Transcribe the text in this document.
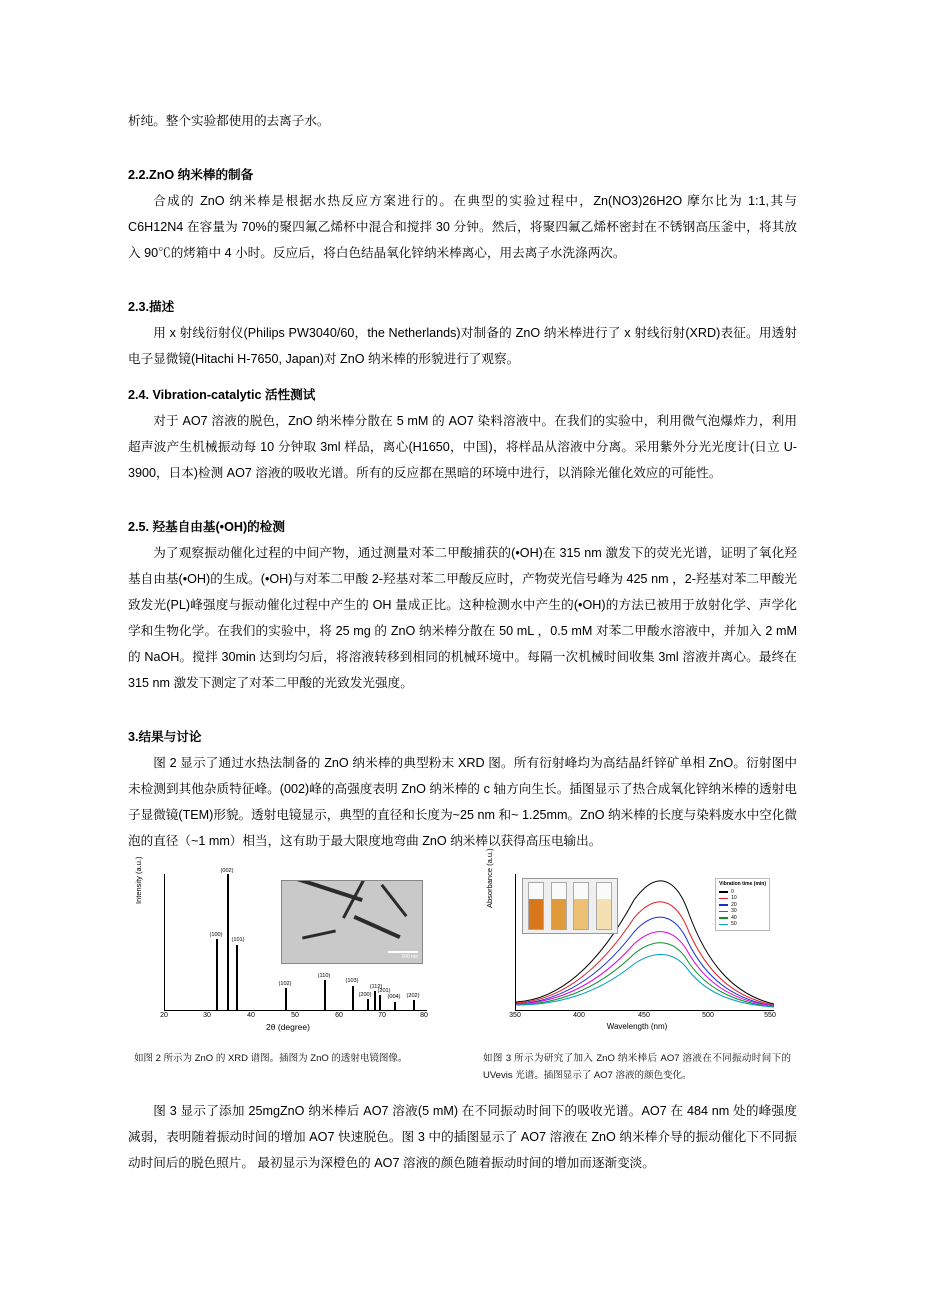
析纯。整个实验都使用的去离子水。

2.2.ZnO 纳米棒的制备

合成的 ZnO 纳米棒是根据水热反应方案进行的。在典型的实验过程中，Zn(NO3)26H2O 摩尔比为 1:1,其与 C6H12N4 在容量为 70%的聚四氟乙烯杯中混合和搅拌 30 分钟。然后，将聚四氟乙烯杯密封在不锈钢高压釜中，将其放入 90℃的烤箱中 4 小时。反应后，将白色结晶氧化锌纳米棒离心，用去离子水洗涤两次。

2.3.描述

用 x 射线衍射仪(Philips PW3040/60，the Netherlands)对制备的 ZnO 纳米棒进行了 x 射线衍射(XRD)表征。用透射电子显微镜(Hitachi H-7650, Japan)对 ZnO 纳米棒的形貌进行了观察。

2.4. Vibration-catalytic 活性测试

对于 AO7 溶液的脱色，ZnO 纳米棒分散在 5 mM 的 AO7 染料溶液中。在我们的实验中，利用微气泡爆炸力，利用超声波产生机械振动每 10 分钟取 3ml 样品，离心(H1650，中国)，将样品从溶液中分离。采用紫外分光光度计(日立 U-3900，日本)检测 AO7 溶液的吸收光谱。所有的反应都在黑暗的环境中进行，以消除光催化效应的可能性。

2.5. 羟基自由基(•OH)的检测

为了观察振动催化过程的中间产物，通过测量对苯二甲酸捕获的(•OH)在 315 nm 激发下的荧光光谱，证明了氧化羟基自由基(•OH)的生成。(•OH)与对苯二甲酸 2-羟基对苯二甲酸反应时，产物荧光信号峰为 425 nm ，2-羟基对苯二甲酸光致发光(PL)峰强度与振动催化过程中产生的 OH 量成正比。这种检测水中产生的(•OH)的方法已被用于放射化学、声学化学和生物化学。在我们的实验中，将 25 mg 的 ZnO 纳米棒分散在 50 mL ，0.5 mM 对苯二甲酸水溶液中，并加入 2 mM 的 NaOH。搅拌 30min 达到均匀后，将溶液转移到相同的机械环境中。每隔一次机械时间收集 3ml 溶液并离心。最终在 315 nm 激发下测定了对苯二甲酸的光致发光强度。

3.结果与讨论

图 2 显示了通过水热法制备的 ZnO 纳米棒的典型粉末 XRD 图。所有衍射峰均为高结晶纤锌矿单相 ZnO。衍射图中未检测到其他杂质特征峰。(002)峰的高强度表明 ZnO 纳米棒的 c 轴方向生长。插图显示了热合成氧化锌纳米棒的透射电子显微镜(TEM)形貌。透射电镜显示，典型的直径和长度为~25 nm 和~ 1.25mm。ZnO 纳米棒的长度与染料废水中空化微泡的直径（~1 mm）相当，这有助于最大限度地弯曲 ZnO 纳米棒以获得高压电输出。

Intensity (a.u.)
200 nm
(100)
(002)
(101)
(102)
(110)
(103)
(200)
(112)
(201)
(004) (202)
20	30	40	50	60	70	80
2θ (degree)
如图 2 所示为 ZnO 的 XRD 谱图。插图为 ZnO 的透射电镜图像。
Absorbance (a.u.)	Vibration time (min)
0
10
20
30
40
50
350	400	450	500	550
Wavelength (nm)
如图 3 所示为研究了加入 ZnO 纳米棒后 AO7 溶液在不同振动时间下的 UVevis 光谱。插图显示了 AO7 溶液的颜色变化。

图 3 显示了添加 25mgZnO 纳米棒后 AO7 溶液(5 mM) 在不同振动时间下的吸收光谱。AO7 在 484 nm 处的峰强度减弱，表明随着振动时间的增加 AO7 快速脱色。图 3 中的插图显示了 AO7 溶液在 ZnO 纳米棒介导的振动催化下不同振动时间后的脱色照片。 最初显示为深橙色的 AO7 溶液的颜色随着振动时间的增加而逐渐变淡。
